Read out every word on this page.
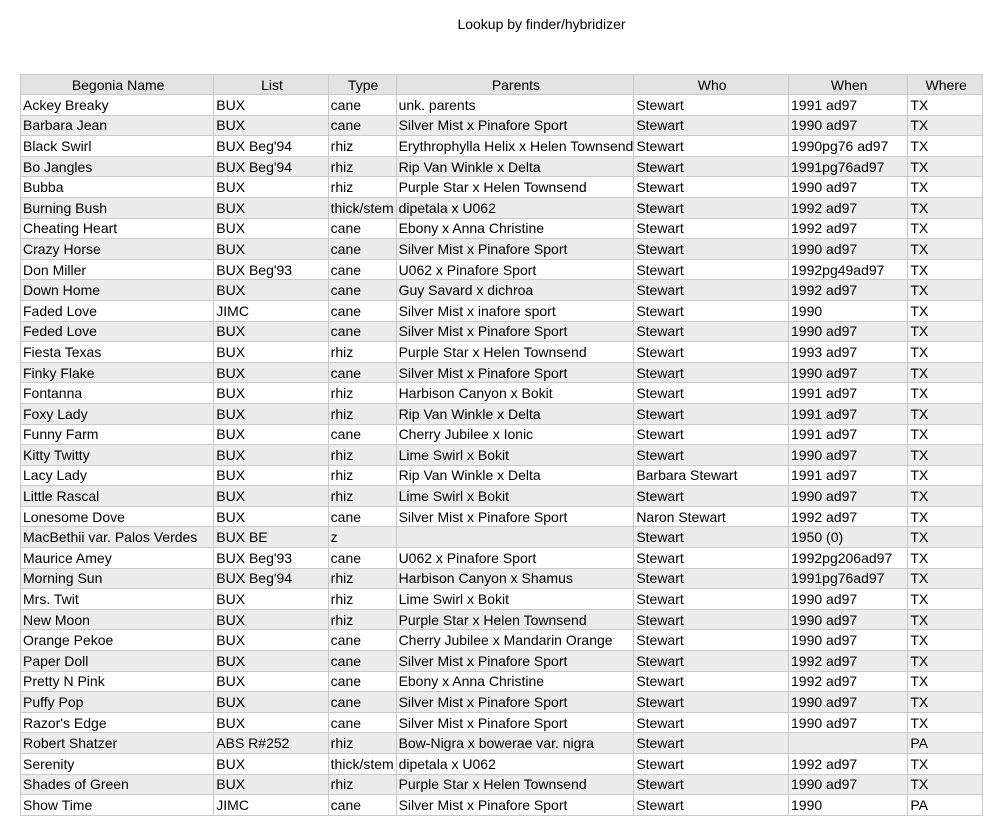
Lookup by finder/hybridizer
Begonia Name	List	Type	Parents	Who	When	Where
Ackey Breaky	BUX	cane	unk. parents	Stewart	1991 ad97	TX
Barbara Jean	BUX	cane	Silver Mist x Pinafore Sport	Stewart	1990 ad97	TX
Black Swirl	BUX Beg'94	rhiz	Erythrophylla Helix x Helen Townsend	Stewart	1990pg76 ad97	TX
Bo Jangles	BUX Beg'94	rhiz	Rip Van Winkle x Delta	Stewart	1991pg76ad97	TX
Bubba	BUX	rhiz	Purple Star x Helen Townsend	Stewart	1990 ad97	TX
Burning Bush	BUX	thick/stem	dipetala x U062	Stewart	1992 ad97	TX
Cheating Heart	BUX	cane	Ebony x Anna Christine	Stewart	1992 ad97	TX
Crazy Horse	BUX	cane	Silver Mist x Pinafore Sport	Stewart	1990 ad97	TX
Don Miller	BUX Beg'93	cane	U062 x Pinafore Sport	Stewart	1992pg49ad97	TX
Down Home	BUX	cane	Guy Savard x dichroa	Stewart	1992 ad97	TX
Faded Love	JIMC	cane	Silver Mist x inafore sport	Stewart	1990	TX
Feded Love	BUX	cane	Silver Mist x Pinafore Sport	Stewart	1990 ad97	TX
Fiesta Texas	BUX	rhiz	Purple Star x Helen Townsend	Stewart	1993 ad97	TX
Finky Flake	BUX	cane	Silver Mist x Pinafore Sport	Stewart	1990 ad97	TX
Fontanna	BUX	rhiz	Harbison Canyon x Bokit	Stewart	1991 ad97	TX
Foxy Lady	BUX	rhiz	Rip Van Winkle x Delta	Stewart	1991 ad97	TX
Funny Farm	BUX	cane	Cherry Jubilee x Ionic	Stewart	1991 ad97	TX
Kitty Twitty	BUX	rhiz	Lime Swirl x Bokit	Stewart	1990 ad97	TX
Lacy Lady	BUX	rhiz	Rip Van Winkle x Delta	Barbara Stewart	1991 ad97	TX
Little Rascal	BUX	rhiz	Lime Swirl x Bokit	Stewart	1990 ad97	TX
Lonesome Dove	BUX	cane	Silver Mist x Pinafore Sport	Naron Stewart	1992 ad97	TX
MacBethii var. Palos Verdes	BUX BE	z		Stewart	1950 (0)	TX
Maurice Amey	BUX Beg'93	cane	U062 x Pinafore Sport	Stewart	1992pg206ad97	TX
Morning Sun	BUX Beg'94	rhiz	Harbison Canyon x Shamus	Stewart	1991pg76ad97	TX
Mrs. Twit	BUX	rhiz	Lime Swirl x Bokit	Stewart	1990 ad97	TX
New Moon	BUX	rhiz	Purple Star x Helen Townsend	Stewart	1990 ad97	TX
Orange Pekoe	BUX	cane	Cherry Jubilee x Mandarin Orange	Stewart	1990 ad97	TX
Paper Doll	BUX	cane	Silver Mist x Pinafore Sport	Stewart	1992 ad97	TX
Pretty N Pink	BUX	cane	Ebony x Anna Christine	Stewart	1992 ad97	TX
Puffy Pop	BUX	cane	Silver Mist x Pinafore Sport	Stewart	1990 ad97	TX
Razor's Edge	BUX	cane	Silver Mist x Pinafore Sport	Stewart	1990 ad97	TX
Robert Shatzer	ABS R#252	rhiz	Bow-Nigra x bowerae var. nigra	Stewart		PA
Serenity	BUX	thick/stem	dipetala x U062	Stewart	1992 ad97	TX
Shades of Green	BUX	rhiz	Purple Star x Helen Townsend	Stewart	1990 ad97	TX
Show Time	JIMC	cane	Silver Mist x Pinafore Sport	Stewart	1990	PA
